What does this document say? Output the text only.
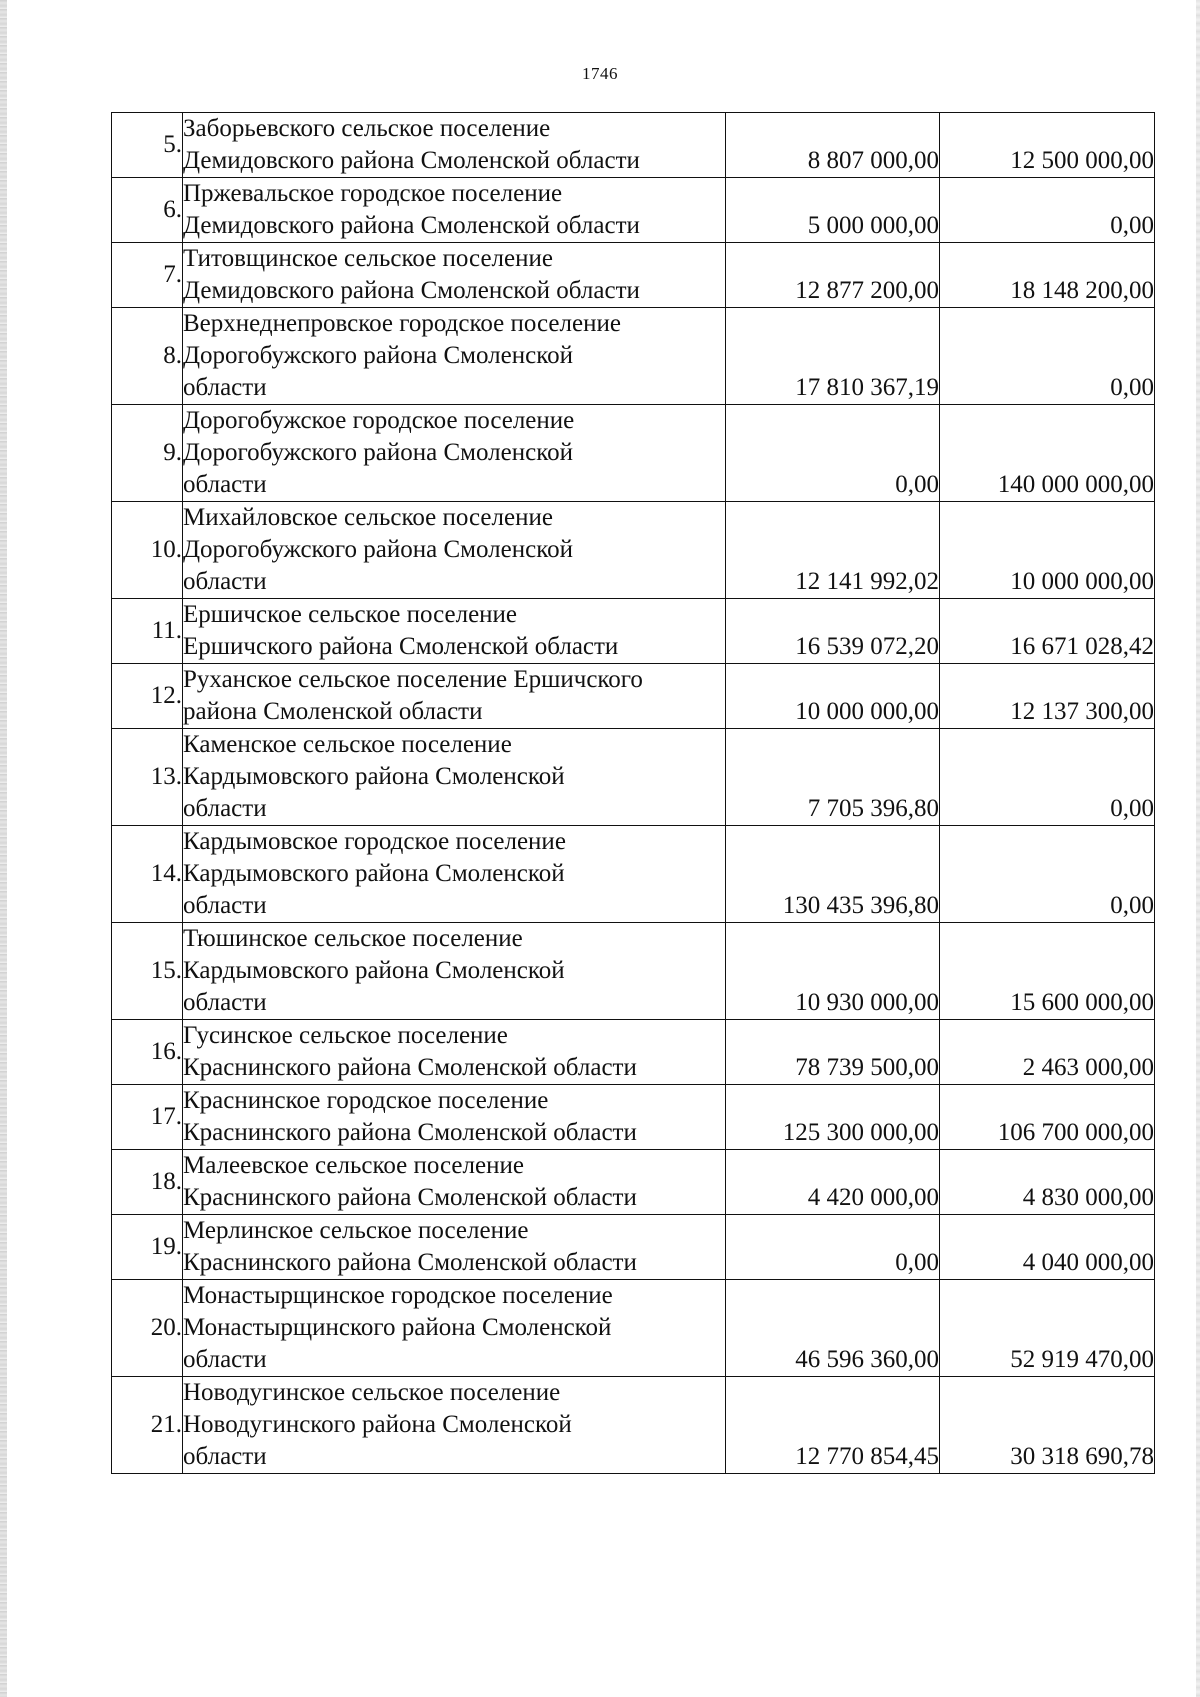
1746
5.	Заборьевского сельское поселение
Демидовского района Смоленской области	8 807 000,00	12 500 000,00
6.	Пржевальское городское поселение
Демидовского района Смоленской области	5 000 000,00	0,00
7.	Титовщинское сельское поселение
Демидовского района Смоленской области	12 877 200,00	18 148 200,00
8.	Верхнеднепровское городское поселение
Дорогобужского района Смоленской
области	17 810 367,19	0,00
9.	Дорогобужское городское поселение
Дорогобужского района Смоленской
области	0,00	140 000 000,00
10.	Михайловское сельское поселение
Дорогобужского района Смоленской
области	12 141 992,02	10 000 000,00
11.	Ершичское сельское поселение
Ершичского района Смоленской области	16 539 072,20	16 671 028,42
12.	Руханское сельское поселение Ершичского
района Смоленской области	10 000 000,00	12 137 300,00
13.	Каменское сельское поселение
Кардымовского района Смоленской
области	7 705 396,80	0,00
14.	Кардымовское городское поселение
Кардымовского района Смоленской
области	130 435 396,80	0,00
15.	Тюшинское сельское поселение
Кардымовского района Смоленской
области	10 930 000,00	15 600 000,00
16.	Гусинское сельское поселение
Краснинского района Смоленской области	78 739 500,00	2 463 000,00
17.	Краснинское городское поселение
Краснинского района Смоленской области	125 300 000,00	106 700 000,00
18.	Малеевское сельское поселение
Краснинского района Смоленской области	4 420 000,00	4 830 000,00
19.	Мерлинское сельское поселение
Краснинского района Смоленской области	0,00	4 040 000,00
20.	Монастырщинское городское поселение
Монастырщинского района Смоленской
области	46 596 360,00	52 919 470,00
21.	Новодугинское сельское поселение
Новодугинского района Смоленской
области	12 770 854,45	30 318 690,78
